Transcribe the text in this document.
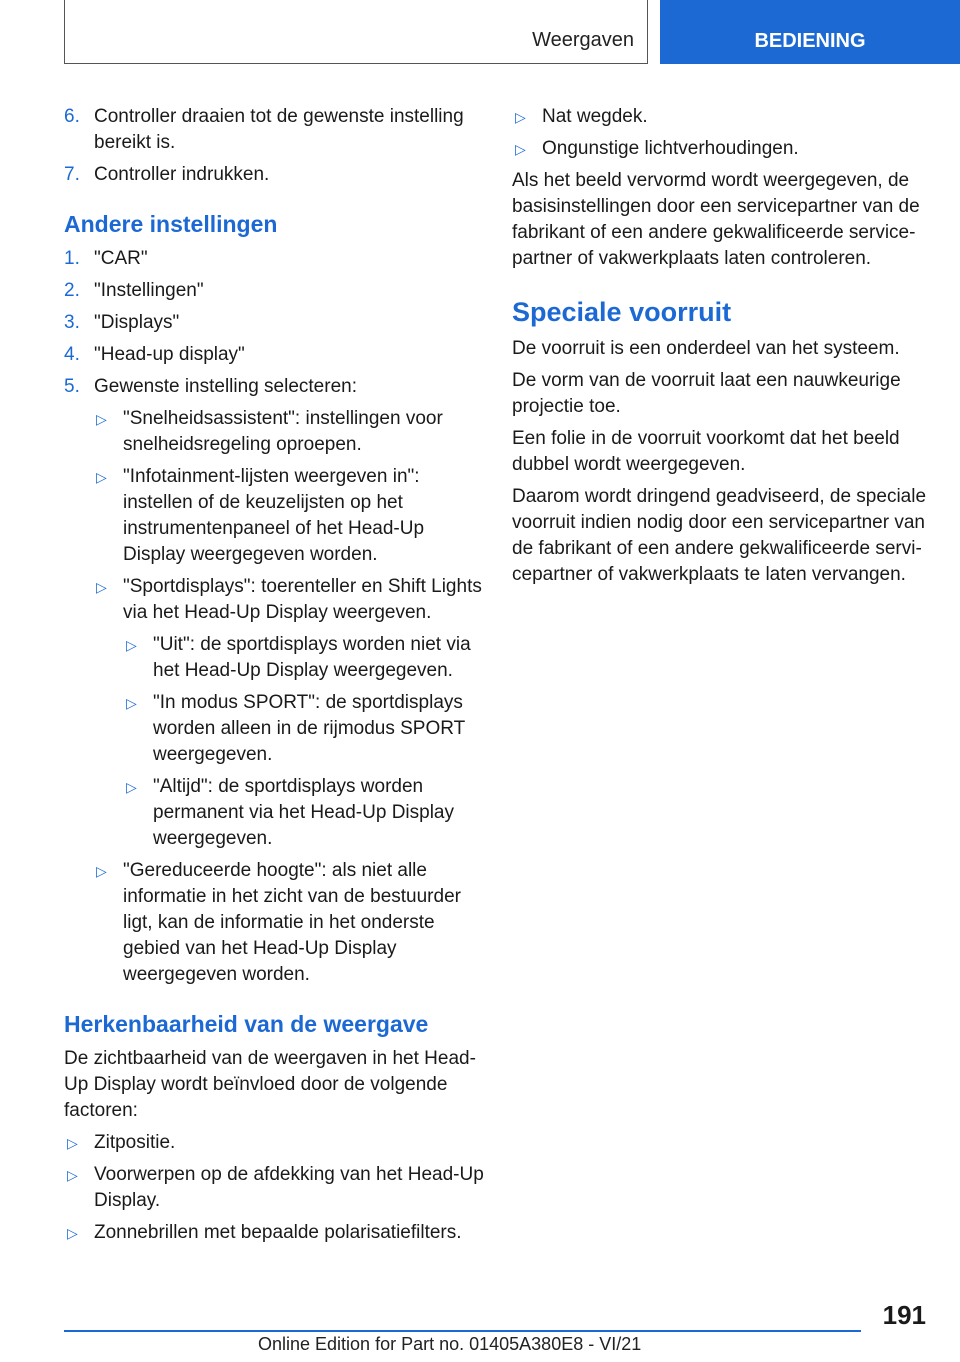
Weergaven	BEDIENING
6. Controller draaien tot de gewenste instelling bereikt is.
7. Controller indrukken.
Andere instellingen
1. "CAR"
2. "Instellingen"
3. "Displays"
4. "Head-up display"
5. Gewenste instelling selecteren:
▷ "Snelheidsassistent": instellingen voor snelheidsregeling oproepen.
▷ "Infotainment-lijsten weergeven in": instellen of de keuzelijsten op het instrumentenpaneel of het Head-Up Display weergegeven worden.
▷ "Sportdisplays": toerenteller en Shift Lights via het Head-Up Display weergeven.
▷ "Uit": de sportdisplays worden niet via het Head-Up Display weergegeven.
▷ "In modus SPORT": de sportdisplays worden alleen in de rijmodus SPORT weergegeven.
▷ "Altijd": de sportdisplays worden permanent via het Head-Up Display weergegeven.
▷ "Gereduceerde hoogte": als niet alle informatie in het zicht van de bestuurder ligt, kan de informatie in het onderste gebied van het Head-Up Display weergegeven worden.
Herkenbaarheid van de weergave

De zichtbaarheid van de weergaven in het Head-Up Display wordt beïnvloed door de volgende factoren:

▷ Zitpositie.
▷ Voorwerpen op de afdekking van het Head-Up Display.
▷ Zonnebrillen met bepaalde polarisatiefilters.
▷ Nat wegdek.
▷ Ongunstige lichtverhoudingen.

Als het beeld vervormd wordt weergegeven, de basisinstellingen door een servicepartner van de fabrikant of een andere gekwalificeerde service-partner of vakwerkplaats laten controleren.

Speciale voorruit

De voorruit is een onderdeel van het systeem.

De vorm van de voorruit laat een nauwkeurige projectie toe.

Een folie in de voorruit voorkomt dat het beeld dubbel wordt weergegeven.

Daarom wordt dringend geadviseerd, de speciale voorruit indien nodig door een servicepartner van de fabrikant of een andere gekwalificeerde servi-cepartner of vakwerkplaats te laten vervangen.

191
Online Edition for Part no. 01405A380E8 - VI/21
